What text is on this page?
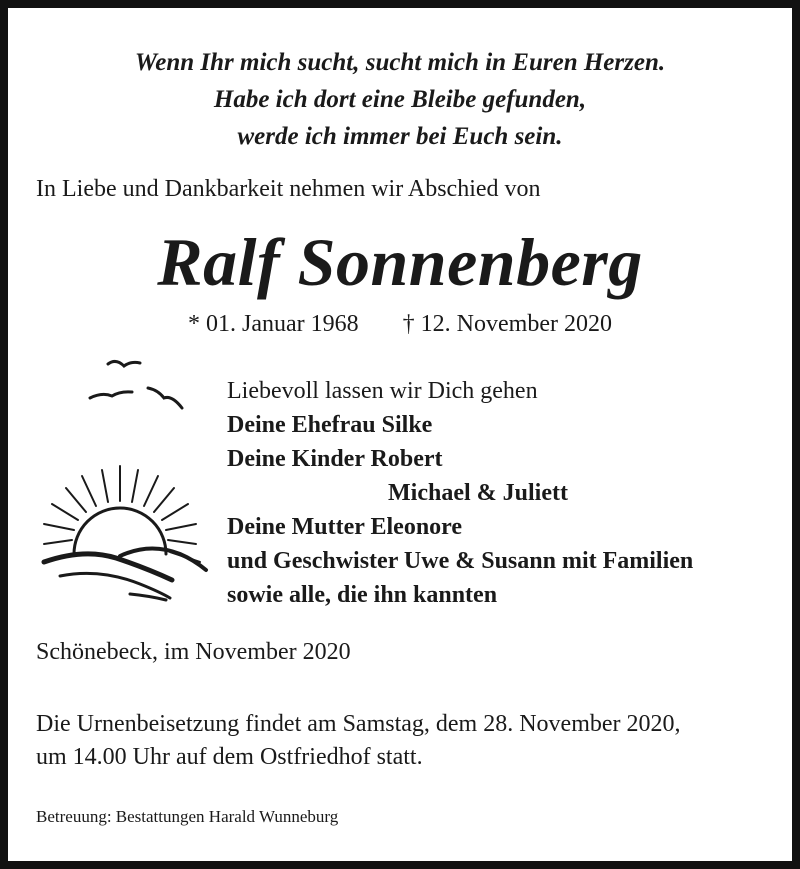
Wenn Ihr mich sucht, sucht mich in Euren Herzen.
Habe ich dort eine Bleibe gefunden,
werde ich immer bei Euch sein.
In Liebe und Dankbarkeit nehmen wir Abschied von
Ralf Sonnenberg
* 01. Januar 1968 † 12. November 2020
Liebevoll lassen wir Dich gehen
Deine Ehefrau Silke
Deine Kinder Robert
Michael & Juliett
Deine Mutter Eleonore
und Geschwister Uwe & Susann mit Familien
sowie alle, die ihn kannten
Schönebeck, im November 2020
Die Urnenbeisetzung findet am Samstag, dem 28. November 2020,
um 14.00 Uhr auf dem Ostfriedhof statt.
Betreuung: Bestattungen Harald Wunneburg
